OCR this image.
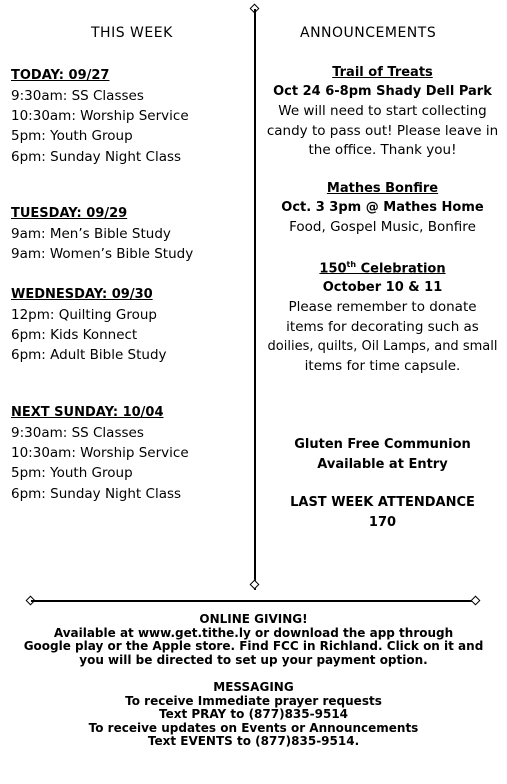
THIS WEEK

TODAY: 09/27

9:30am: SS Classes

10:30am: Worship Service

5pm: Youth Group

6pm: Sunday Night Class

TUESDAY: 09/29

9am: Men’s Bible Study

9am: Women’s Bible Study

WEDNESDAY: 09/30

12pm: Quilting Group

6pm: Kids Konnect

6pm: Adult Bible Study

NEXT SUNDAY: 10/04

9:30am: SS Classes

10:30am: Worship Service

5pm: Youth Group

6pm: Sunday Night Class

ANNOUNCEMENTS
Trail of Treats
Oct 24 6-8pm Shady Dell Park
We will need to start collecting
candy to pass out! Please leave in
the office. Thank you!
Mathes Bonfire
Oct. 3 3pm @ Mathes Home
Food, Gospel Music, Bonfire
150th Celebration
October 10 & 11
Please remember to donate
items for decorating such as
doilies, quilts, Oil Lamps, and small
items for time capsule.
Gluten Free Communion
Available at Entry
LAST WEEK ATTENDANCE
170

ONLINE GIVING!

Available at www.get.tithe.ly or download the app through

Google play or the Apple store. Find FCC in Richland. Click on it and

you will be directed to set up your payment option.

MESSAGING

To receive Immediate prayer requests

Text PRAY to (877)835-9514

To receive updates on Events or Announcements

Text EVENTS to (877)835-9514.
